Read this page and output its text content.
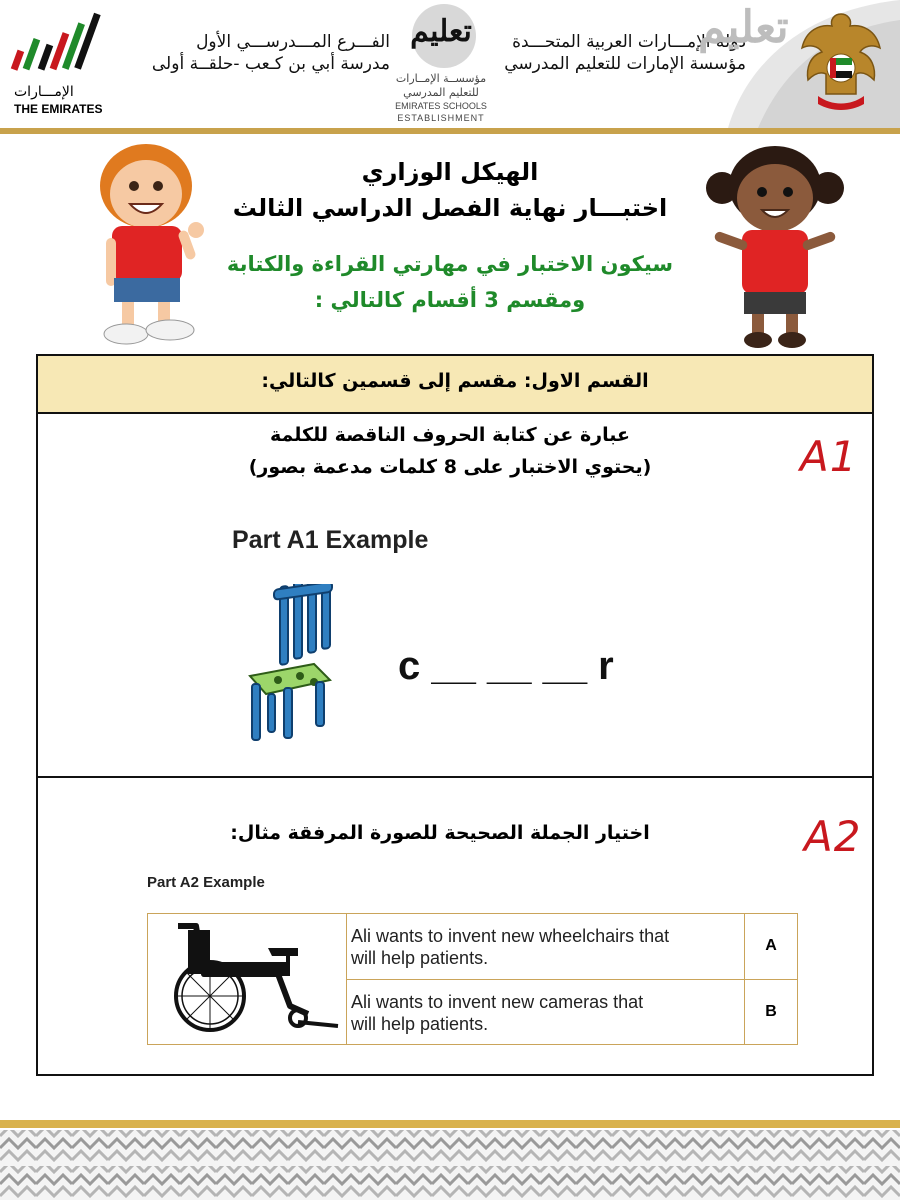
الإمـــارات
THE EMIRATES
الفـــرع المـــدرســـي الأول
مدرسة أبي بن كـعب -حلقــة أولى
تعليم
مؤسســة الإمــارات
للتعليم المدرسي
EMIRATES SCHOOLS
ESTABLISHMENT
دولة الإمـــارات العربية المتحـــدة
مؤسسة الإمارات للتعليم المدرسي
تعليم
الهيكل الوزاري
اختبـــار نهاية الفصل الدراسي الثالث
سيكون الاختبار في مهارتي القراءة والكتابة
ومقسم 3 أقسام كالتالي :
القسم الاول: مقسم إلى قسمين كالتالي:
A1
عبارة عن كتابة الحروف الناقصة للكلمة
(يحتوي الاختبار على 8 كلمات مدعمة بصور)
Part A1 Example
c __ __ __ r
A2
اختيار الجملة الصحيحة للصورة المرفقة مثال:
Part A2 Example

Ali wants to invent new wheelchairs that
will help patients.	A

	Ali wants to invent new cameras that
will help patients.	B
